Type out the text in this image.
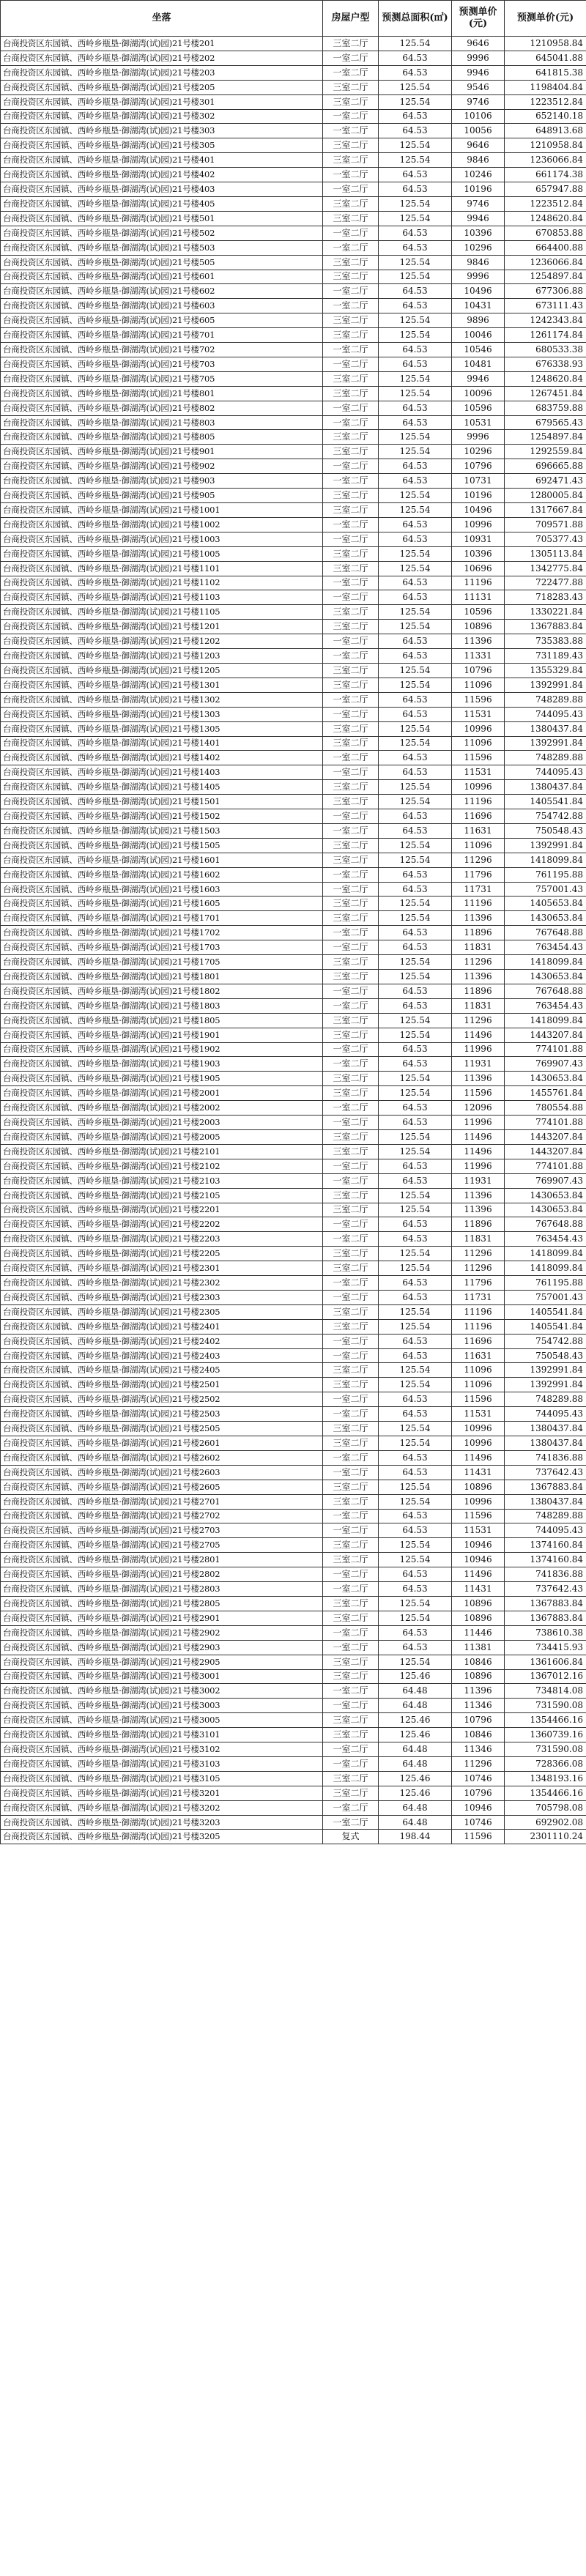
坐落	房屋户型	预测总面积(㎡)	预测单价(元)	预测单价(元)
台商投资区东园镇、西岭乡瓶垦·御湖湾(试)园)21号楼201	三室二厅	125.54	9646	1210958.84
台商投资区东园镇、西岭乡瓶垦·御湖湾(试)园)21号楼202	一室二厅	64.53	9996	645041.88
台商投资区东园镇、西岭乡瓶垦·御湖湾(试)园)21号楼203	一室二厅	64.53	9946	641815.38
台商投资区东园镇、西岭乡瓶垦·御湖湾(试)园)21号楼205	三室二厅	125.54	9546	1198404.84
台商投资区东园镇、西岭乡瓶垦·御湖湾(试)园)21号楼301	三室二厅	125.54	9746	1223512.84
台商投资区东园镇、西岭乡瓶垦·御湖湾(试)园)21号楼302	一室二厅	64.53	10106	652140.18
台商投资区东园镇、西岭乡瓶垦·御湖湾(试)园)21号楼303	一室二厅	64.53	10056	648913.68
台商投资区东园镇、西岭乡瓶垦·御湖湾(试)园)21号楼305	三室二厅	125.54	9646	1210958.84
台商投资区东园镇、西岭乡瓶垦·御湖湾(试)园)21号楼401	三室二厅	125.54	9846	1236066.84
台商投资区东园镇、西岭乡瓶垦·御湖湾(试)园)21号楼402	一室二厅	64.53	10246	661174.38
台商投资区东园镇、西岭乡瓶垦·御湖湾(试)园)21号楼403	一室二厅	64.53	10196	657947.88
台商投资区东园镇、西岭乡瓶垦·御湖湾(试)园)21号楼405	三室二厅	125.54	9746	1223512.84
台商投资区东园镇、西岭乡瓶垦·御湖湾(试)园)21号楼501	三室二厅	125.54	9946	1248620.84
台商投资区东园镇、西岭乡瓶垦·御湖湾(试)园)21号楼502	一室二厅	64.53	10396	670853.88
台商投资区东园镇、西岭乡瓶垦·御湖湾(试)园)21号楼503	一室二厅	64.53	10296	664400.88
台商投资区东园镇、西岭乡瓶垦·御湖湾(试)园)21号楼505	三室二厅	125.54	9846	1236066.84
台商投资区东园镇、西岭乡瓶垦·御湖湾(试)园)21号楼601	三室二厅	125.54	9996	1254897.84
台商投资区东园镇、西岭乡瓶垦·御湖湾(试)园)21号楼602	一室二厅	64.53	10496	677306.88
台商投资区东园镇、西岭乡瓶垦·御湖湾(试)园)21号楼603	一室二厅	64.53	10431	673111.43
台商投资区东园镇、西岭乡瓶垦·御湖湾(试)园)21号楼605	三室二厅	125.54	9896	1242343.84
台商投资区东园镇、西岭乡瓶垦·御湖湾(试)园)21号楼701	三室二厅	125.54	10046	1261174.84
台商投资区东园镇、西岭乡瓶垦·御湖湾(试)园)21号楼702	一室二厅	64.53	10546	680533.38
台商投资区东园镇、西岭乡瓶垦·御湖湾(试)园)21号楼703	一室二厅	64.53	10481	676338.93
台商投资区东园镇、西岭乡瓶垦·御湖湾(试)园)21号楼705	三室二厅	125.54	9946	1248620.84
台商投资区东园镇、西岭乡瓶垦·御湖湾(试)园)21号楼801	三室二厅	125.54	10096	1267451.84
台商投资区东园镇、西岭乡瓶垦·御湖湾(试)园)21号楼802	一室二厅	64.53	10596	683759.88
台商投资区东园镇、西岭乡瓶垦·御湖湾(试)园)21号楼803	一室二厅	64.53	10531	679565.43
台商投资区东园镇、西岭乡瓶垦·御湖湾(试)园)21号楼805	三室二厅	125.54	9996	1254897.84
台商投资区东园镇、西岭乡瓶垦·御湖湾(试)园)21号楼901	三室二厅	125.54	10296	1292559.84
台商投资区东园镇、西岭乡瓶垦·御湖湾(试)园)21号楼902	一室二厅	64.53	10796	696665.88
台商投资区东园镇、西岭乡瓶垦·御湖湾(试)园)21号楼903	一室二厅	64.53	10731	692471.43
台商投资区东园镇、西岭乡瓶垦·御湖湾(试)园)21号楼905	三室二厅	125.54	10196	1280005.84
台商投资区东园镇、西岭乡瓶垦·御湖湾(试)园)21号楼1001	三室二厅	125.54	10496	1317667.84
台商投资区东园镇、西岭乡瓶垦·御湖湾(试)园)21号楼1002	一室二厅	64.53	10996	709571.88
台商投资区东园镇、西岭乡瓶垦·御湖湾(试)园)21号楼1003	一室二厅	64.53	10931	705377.43
台商投资区东园镇、西岭乡瓶垦·御湖湾(试)园)21号楼1005	三室二厅	125.54	10396	1305113.84
台商投资区东园镇、西岭乡瓶垦·御湖湾(试)园)21号楼1101	三室二厅	125.54	10696	1342775.84
台商投资区东园镇、西岭乡瓶垦·御湖湾(试)园)21号楼1102	一室二厅	64.53	11196	722477.88
台商投资区东园镇、西岭乡瓶垦·御湖湾(试)园)21号楼1103	一室二厅	64.53	11131	718283.43
台商投资区东园镇、西岭乡瓶垦·御湖湾(试)园)21号楼1105	三室二厅	125.54	10596	1330221.84
台商投资区东园镇、西岭乡瓶垦·御湖湾(试)园)21号楼1201	三室二厅	125.54	10896	1367883.84
台商投资区东园镇、西岭乡瓶垦·御湖湾(试)园)21号楼1202	一室二厅	64.53	11396	735383.88
台商投资区东园镇、西岭乡瓶垦·御湖湾(试)园)21号楼1203	一室二厅	64.53	11331	731189.43
台商投资区东园镇、西岭乡瓶垦·御湖湾(试)园)21号楼1205	三室二厅	125.54	10796	1355329.84
台商投资区东园镇、西岭乡瓶垦·御湖湾(试)园)21号楼1301	三室二厅	125.54	11096	1392991.84
台商投资区东园镇、西岭乡瓶垦·御湖湾(试)园)21号楼1302	一室二厅	64.53	11596	748289.88
台商投资区东园镇、西岭乡瓶垦·御湖湾(试)园)21号楼1303	一室二厅	64.53	11531	744095.43
台商投资区东园镇、西岭乡瓶垦·御湖湾(试)园)21号楼1305	三室二厅	125.54	10996	1380437.84
台商投资区东园镇、西岭乡瓶垦·御湖湾(试)园)21号楼1401	三室二厅	125.54	11096	1392991.84
台商投资区东园镇、西岭乡瓶垦·御湖湾(试)园)21号楼1402	一室二厅	64.53	11596	748289.88
台商投资区东园镇、西岭乡瓶垦·御湖湾(试)园)21号楼1403	一室二厅	64.53	11531	744095.43
台商投资区东园镇、西岭乡瓶垦·御湖湾(试)园)21号楼1405	三室二厅	125.54	10996	1380437.84
台商投资区东园镇、西岭乡瓶垦·御湖湾(试)园)21号楼1501	三室二厅	125.54	11196	1405541.84
台商投资区东园镇、西岭乡瓶垦·御湖湾(试)园)21号楼1502	一室二厅	64.53	11696	754742.88
台商投资区东园镇、西岭乡瓶垦·御湖湾(试)园)21号楼1503	一室二厅	64.53	11631	750548.43
台商投资区东园镇、西岭乡瓶垦·御湖湾(试)园)21号楼1505	三室二厅	125.54	11096	1392991.84
台商投资区东园镇、西岭乡瓶垦·御湖湾(试)园)21号楼1601	三室二厅	125.54	11296	1418099.84
台商投资区东园镇、西岭乡瓶垦·御湖湾(试)园)21号楼1602	一室二厅	64.53	11796	761195.88
台商投资区东园镇、西岭乡瓶垦·御湖湾(试)园)21号楼1603	一室二厅	64.53	11731	757001.43
台商投资区东园镇、西岭乡瓶垦·御湖湾(试)园)21号楼1605	三室二厅	125.54	11196	1405653.84
台商投资区东园镇、西岭乡瓶垦·御湖湾(试)园)21号楼1701	三室二厅	125.54	11396	1430653.84
台商投资区东园镇、西岭乡瓶垦·御湖湾(试)园)21号楼1702	一室二厅	64.53	11896	767648.88
台商投资区东园镇、西岭乡瓶垦·御湖湾(试)园)21号楼1703	一室二厅	64.53	11831	763454.43
台商投资区东园镇、西岭乡瓶垦·御湖湾(试)园)21号楼1705	三室二厅	125.54	11296	1418099.84
台商投资区东园镇、西岭乡瓶垦·御湖湾(试)园)21号楼1801	三室二厅	125.54	11396	1430653.84
台商投资区东园镇、西岭乡瓶垦·御湖湾(试)园)21号楼1802	一室二厅	64.53	11896	767648.88
台商投资区东园镇、西岭乡瓶垦·御湖湾(试)园)21号楼1803	一室二厅	64.53	11831	763454.43
台商投资区东园镇、西岭乡瓶垦·御湖湾(试)园)21号楼1805	三室二厅	125.54	11296	1418099.84
台商投资区东园镇、西岭乡瓶垦·御湖湾(试)园)21号楼1901	三室二厅	125.54	11496	1443207.84
台商投资区东园镇、西岭乡瓶垦·御湖湾(试)园)21号楼1902	一室二厅	64.53	11996	774101.88
台商投资区东园镇、西岭乡瓶垦·御湖湾(试)园)21号楼1903	一室二厅	64.53	11931	769907.43
台商投资区东园镇、西岭乡瓶垦·御湖湾(试)园)21号楼1905	三室二厅	125.54	11396	1430653.84
台商投资区东园镇、西岭乡瓶垦·御湖湾(试)园)21号楼2001	三室二厅	125.54	11596	1455761.84
台商投资区东园镇、西岭乡瓶垦·御湖湾(试)园)21号楼2002	一室二厅	64.53	12096	780554.88
台商投资区东园镇、西岭乡瓶垦·御湖湾(试)园)21号楼2003	一室二厅	64.53	11996	774101.88
台商投资区东园镇、西岭乡瓶垦·御湖湾(试)园)21号楼2005	三室二厅	125.54	11496	1443207.84
台商投资区东园镇、西岭乡瓶垦·御湖湾(试)园)21号楼2101	三室二厅	125.54	11496	1443207.84
台商投资区东园镇、西岭乡瓶垦·御湖湾(试)园)21号楼2102	一室二厅	64.53	11996	774101.88
台商投资区东园镇、西岭乡瓶垦·御湖湾(试)园)21号楼2103	一室二厅	64.53	11931	769907.43
台商投资区东园镇、西岭乡瓶垦·御湖湾(试)园)21号楼2105	三室二厅	125.54	11396	1430653.84
台商投资区东园镇、西岭乡瓶垦·御湖湾(试)园)21号楼2201	三室二厅	125.54	11396	1430653.84
台商投资区东园镇、西岭乡瓶垦·御湖湾(试)园)21号楼2202	一室二厅	64.53	11896	767648.88
台商投资区东园镇、西岭乡瓶垦·御湖湾(试)园)21号楼2203	一室二厅	64.53	11831	763454.43
台商投资区东园镇、西岭乡瓶垦·御湖湾(试)园)21号楼2205	三室二厅	125.54	11296	1418099.84
台商投资区东园镇、西岭乡瓶垦·御湖湾(试)园)21号楼2301	三室二厅	125.54	11296	1418099.84
台商投资区东园镇、西岭乡瓶垦·御湖湾(试)园)21号楼2302	一室二厅	64.53	11796	761195.88
台商投资区东园镇、西岭乡瓶垦·御湖湾(试)园)21号楼2303	一室二厅	64.53	11731	757001.43
台商投资区东园镇、西岭乡瓶垦·御湖湾(试)园)21号楼2305	三室二厅	125.54	11196	1405541.84
台商投资区东园镇、西岭乡瓶垦·御湖湾(试)园)21号楼2401	三室二厅	125.54	11196	1405541.84
台商投资区东园镇、西岭乡瓶垦·御湖湾(试)园)21号楼2402	一室二厅	64.53	11696	754742.88
台商投资区东园镇、西岭乡瓶垦·御湖湾(试)园)21号楼2403	一室二厅	64.53	11631	750548.43
台商投资区东园镇、西岭乡瓶垦·御湖湾(试)园)21号楼2405	三室二厅	125.54	11096	1392991.84
台商投资区东园镇、西岭乡瓶垦·御湖湾(试)园)21号楼2501	三室二厅	125.54	11096	1392991.84
台商投资区东园镇、西岭乡瓶垦·御湖湾(试)园)21号楼2502	一室二厅	64.53	11596	748289.88
台商投资区东园镇、西岭乡瓶垦·御湖湾(试)园)21号楼2503	一室二厅	64.53	11531	744095.43
台商投资区东园镇、西岭乡瓶垦·御湖湾(试)园)21号楼2505	三室二厅	125.54	10996	1380437.84
台商投资区东园镇、西岭乡瓶垦·御湖湾(试)园)21号楼2601	三室二厅	125.54	10996	1380437.84
台商投资区东园镇、西岭乡瓶垦·御湖湾(试)园)21号楼2602	一室二厅	64.53	11496	741836.88
台商投资区东园镇、西岭乡瓶垦·御湖湾(试)园)21号楼2603	一室二厅	64.53	11431	737642.43
台商投资区东园镇、西岭乡瓶垦·御湖湾(试)园)21号楼2605	三室二厅	125.54	10896	1367883.84
台商投资区东园镇、西岭乡瓶垦·御湖湾(试)园)21号楼2701	三室二厅	125.54	10996	1380437.84
台商投资区东园镇、西岭乡瓶垦·御湖湾(试)园)21号楼2702	一室二厅	64.53	11596	748289.88
台商投资区东园镇、西岭乡瓶垦·御湖湾(试)园)21号楼2703	一室二厅	64.53	11531	744095.43
台商投资区东园镇、西岭乡瓶垦·御湖湾(试)园)21号楼2705	三室二厅	125.54	10946	1374160.84
台商投资区东园镇、西岭乡瓶垦·御湖湾(试)园)21号楼2801	三室二厅	125.54	10946	1374160.84
台商投资区东园镇、西岭乡瓶垦·御湖湾(试)园)21号楼2802	一室二厅	64.53	11496	741836.88
台商投资区东园镇、西岭乡瓶垦·御湖湾(试)园)21号楼2803	一室二厅	64.53	11431	737642.43
台商投资区东园镇、西岭乡瓶垦·御湖湾(试)园)21号楼2805	三室二厅	125.54	10896	1367883.84
台商投资区东园镇、西岭乡瓶垦·御湖湾(试)园)21号楼2901	三室二厅	125.54	10896	1367883.84
台商投资区东园镇、西岭乡瓶垦·御湖湾(试)园)21号楼2902	一室二厅	64.53	11446	738610.38
台商投资区东园镇、西岭乡瓶垦·御湖湾(试)园)21号楼2903	一室二厅	64.53	11381	734415.93
台商投资区东园镇、西岭乡瓶垦·御湖湾(试)园)21号楼2905	三室二厅	125.54	10846	1361606.84
台商投资区东园镇、西岭乡瓶垦·御湖湾(试)园)21号楼3001	三室二厅	125.46	10896	1367012.16
台商投资区东园镇、西岭乡瓶垦·御湖湾(试)园)21号楼3002	一室二厅	64.48	11396	734814.08
台商投资区东园镇、西岭乡瓶垦·御湖湾(试)园)21号楼3003	一室二厅	64.48	11346	731590.08
台商投资区东园镇、西岭乡瓶垦·御湖湾(试)园)21号楼3005	三室二厅	125.46	10796	1354466.16
台商投资区东园镇、西岭乡瓶垦·御湖湾(试)园)21号楼3101	三室二厅	125.46	10846	1360739.16
台商投资区东园镇、西岭乡瓶垦·御湖湾(试)园)21号楼3102	一室二厅	64.48	11346	731590.08
台商投资区东园镇、西岭乡瓶垦·御湖湾(试)园)21号楼3103	一室二厅	64.48	11296	728366.08
台商投资区东园镇、西岭乡瓶垦·御湖湾(试)园)21号楼3105	三室二厅	125.46	10746	1348193.16
台商投资区东园镇、西岭乡瓶垦·御湖湾(试)园)21号楼3201	三室二厅	125.46	10796	1354466.16
台商投资区东园镇、西岭乡瓶垦·御湖湾(试)园)21号楼3202	一室二厅	64.48	10946	705798.08
台商投资区东园镇、西岭乡瓶垦·御湖湾(试)园)21号楼3203	一室二厅	64.48	10746	692902.08
台商投资区东园镇、西岭乡瓶垦·御湖湾(试)园)21号楼3205	复式	198.44	11596	2301110.24
